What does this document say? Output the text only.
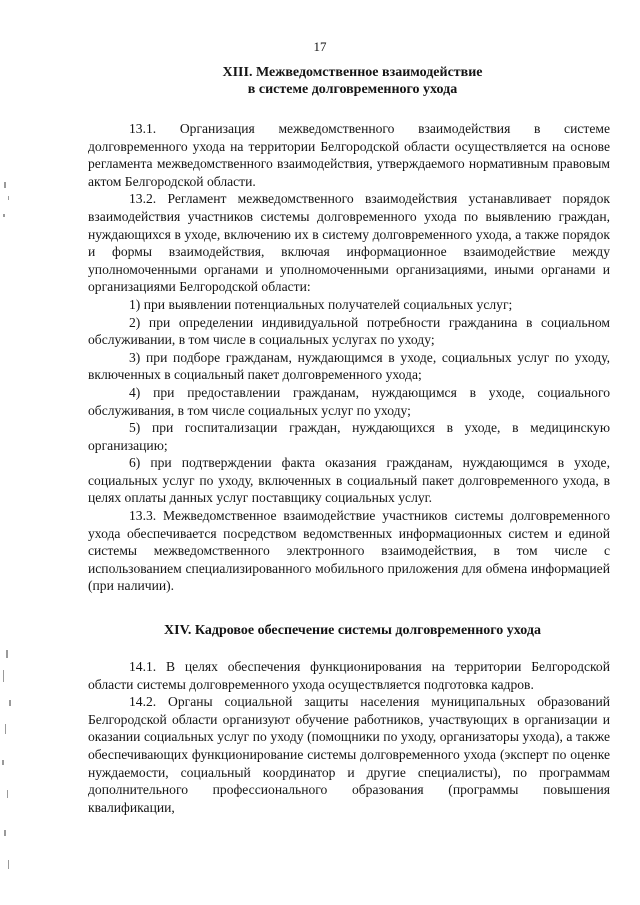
17
XIII. Межведомственное взаимодействие
в системе долговременного ухода
13.1. Организация межведомственного взаимодействия в системе долговременного ухода на территории Белгородской области осуществляется на основе регламента межведомственного взаимодействия, утверждаемого нормативным правовым актом Белгородской области.
13.2. Регламент межведомственного взаимодействия устанавливает порядок взаимодействия участников системы долговременного ухода по выявлению граждан, нуждающихся в уходе, включению их в систему долговременного ухода, а также порядок и формы взаимодействия, включая информационное взаимодействие между уполномоченными органами и уполномоченными организациями, иными органами и организациями Белгородской области:
1) при выявлении потенциальных получателей социальных услуг;
2) при определении индивидуальной потребности гражданина в социальном обслуживании, в том числе в социальных услугах по уходу;
3) при подборе гражданам, нуждающимся в уходе, социальных услуг по уходу, включенных в социальный пакет долговременного ухода;
4) при предоставлении гражданам, нуждающимся в уходе, социального обслуживания, в том числе социальных услуг по уходу;
5) при госпитализации граждан, нуждающихся в уходе, в медицинскую организацию;
6) при подтверждении факта оказания гражданам, нуждающимся в уходе, социальных услуг по уходу, включенных в социальный пакет долговременного ухода, в целях оплаты данных услуг поставщику социальных услуг.
13.3. Межведомственное взаимодействие участников системы долговременного ухода обеспечивается посредством ведомственных информационных систем и единой системы межведомственного электронного взаимодействия, в том числе с использованием специализированного мобильного приложения для обмена информацией (при наличии).
XIV. Кадровое обеспечение системы долговременного ухода
14.1. В целях обеспечения функционирования на территории Белгородской области системы долговременного ухода осуществляется подготовка кадров.
14.2. Органы социальной защиты населения муниципальных образований Белгородской области организуют обучение работников, участвующих в организации и оказании социальных услуг по уходу (помощники по уходу, организаторы ухода), а также обеспечивающих функционирование системы долговременного ухода (эксперт по оценке нуждаемости, социальный координатор и другие специалисты), по программам дополнительного профессионального образования (программы повышения квалификации,
